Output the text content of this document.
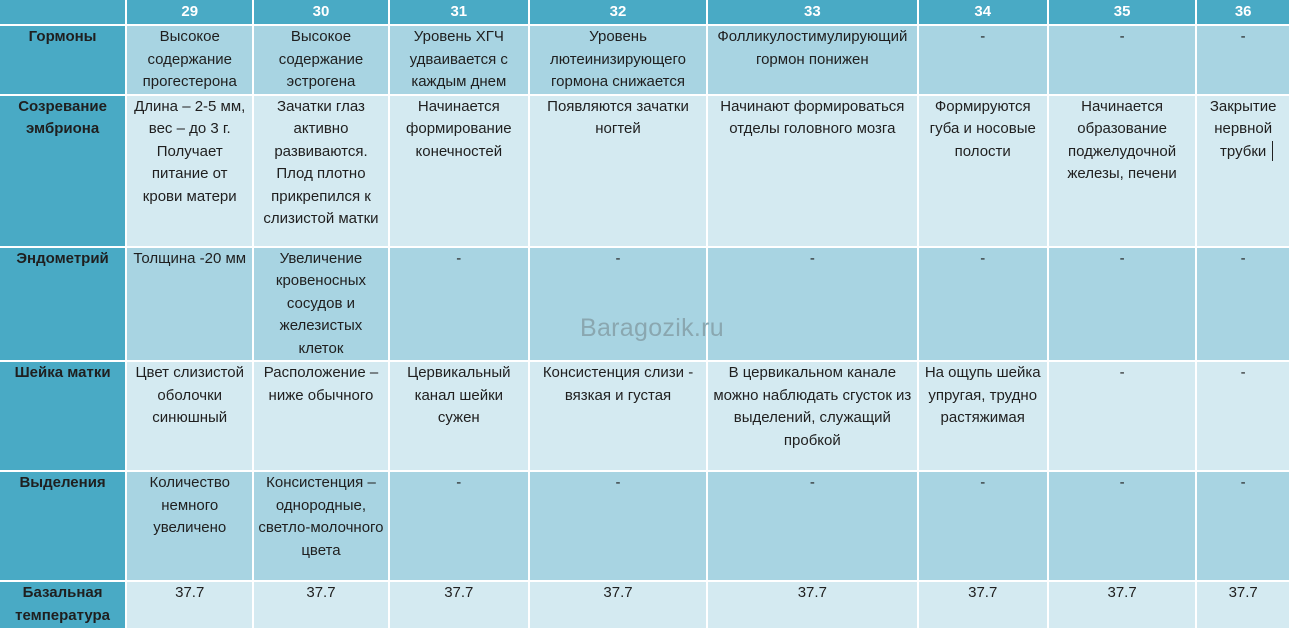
	29	30	31	32	33	34	35	36
Гормоны	Высокое содержание прогестерона	Высокое содержание эстрогена	Уровень ХГЧ удваивается с каждым днем	Уровень лютеинизирующего гормона снижается	Фолликулостимулирующий гормон понижен	-	-	-
Созревание эмбриона	Длина – 2-5 мм, вес – до 3 г. Получает питание от крови матери	Зачатки глаз активно развиваются. Плод плотно прикрепился к слизистой матки	Начинается формирование конечностей	Появляются зачатки ногтей	Начинают формироваться отделы головного мозга	Формируются губа и носовые полости	Начинается образование поджелудочной железы, печени	Закрытие нервной трубки
Эндометрий	Толщина -20 мм	Увеличение кровеносных сосудов и железистых клеток	-	-	-	-	-	-
Шейка матки	Цвет слизистой оболочки синюшный	Расположение – ниже обычного	Цервикальный канал шейки сужен	Консистенция слизи - вязкая и густая	В цервикальном канале можно наблюдать сгусток из выделений, служащий пробкой	На ощупь шейка упругая, трудно растяжимая	-	-
Выделения	Количество немного увеличено	Консистенция –однородные, светло-молочного цвета	-	-	-	-	-	-
Базальная температура	37.7	37.7	37.7	37.7	37.7	37.7	37.7	37.7
Baragozik.ru
